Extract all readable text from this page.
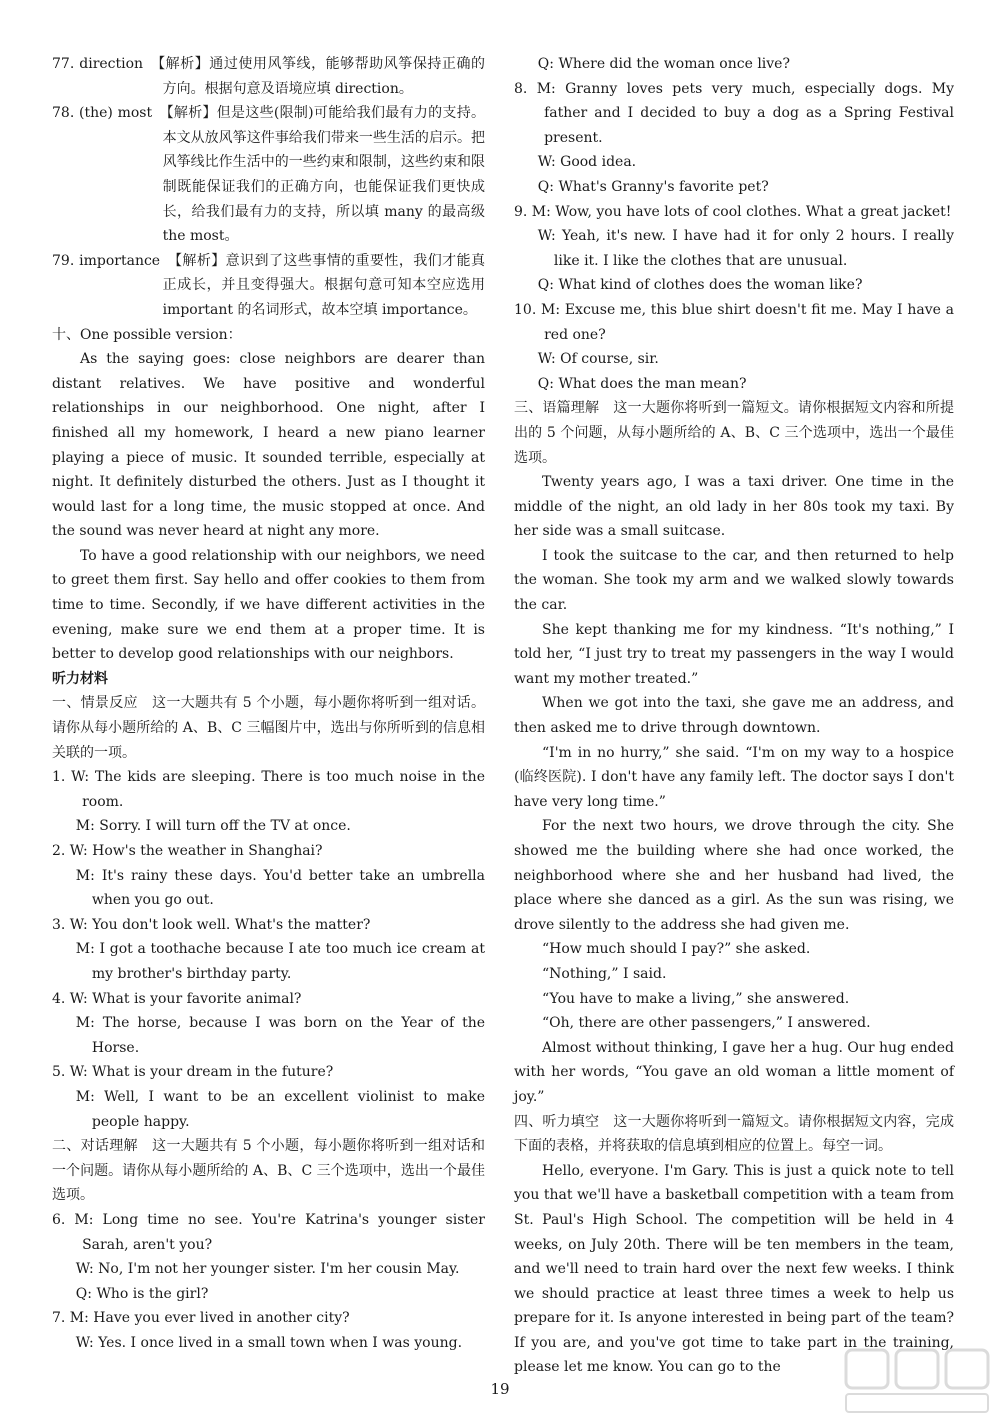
77. direction　【解析】通过使用风筝线，能够帮助风筝保持正确的方向。根据句意及语境应填 direction。

78. (the) most　【解析】但是这些(限制)可能给我们最有力的支持。本文从放风筝这件事给我们带来一些生活的启示。把风筝线比作生活中的一些约束和限制，这些约束和限制既能保证我们的正确方向，也能保证我们更快成长，给我们最有力的支持，所以填 many 的最高级 the most。

79. importance　【解析】意识到了这些事情的重要性，我们才能真正成长，并且变得强大。根据句意可知本空应选用 important 的名词形式，故本空填 importance。

十、One possible version：

As the saying goes: close neighbors are dearer than distant relatives. We have positive and wonderful relationships in our neighborhood. One night, after I finished all my homework, I heard a new piano learner playing a piece of music. It sounded terrible, especially at night. It definitely disturbed the others. Just as I thought it would last for a long time, the music stopped at once. And the sound was never heard at night any more.

To have a good relationship with our neighbors, we need to greet them first. Say hello and offer cookies to them from time to time. Secondly, if we have different activities in the evening, make sure we end them at a proper time. It is better to develop good relationships with our neighbors.

听力材料

一、情景反应　这一大题共有 5 个小题，每小题你将听到一组对话。请你从每小题所给的 A、B、C 三幅图片中，选出与你所听到的信息相关联的一项。

1. W: The kids are sleeping. There is too much noise in the room.

M: Sorry. I will turn off the TV at once.

2. W: How's the weather in Shanghai?

M: It's rainy these days. You'd better take an umbrella when you go out.

3. W: You don't look well. What's the matter?

M: I got a toothache because I ate too much ice cream at my brother's birthday party.

4. W: What is your favorite animal?

M: The horse, because I was born on the Year of the Horse.

5. W: What is your dream in the future?

M: Well, I want to be an excellent violinist to make people happy.

二、对话理解　这一大题共有 5 个小题，每小题你将听到一组对话和一个问题。请你从每小题所给的 A、B、C 三个选项中，选出一个最佳选项。

6. M: Long time no see. You're Katrina's younger sister Sarah, aren't you?

W: No, I'm not her younger sister. I'm her cousin May.

Q: Who is the girl?

7. M: Have you ever lived in another city?

W: Yes. I once lived in a small town when I was young.

Q: Where did the woman once live?

8. M: Granny loves pets very much, especially dogs. My father and I decided to buy a dog as a Spring Festival present.

W: Good idea.

Q: What's Granny's favorite pet?

9. M: Wow, you have lots of cool clothes. What a great jacket!

W: Yeah, it's new. I have had it for only 2 hours. I really like it. I like the clothes that are unusual.

Q: What kind of clothes does the woman like?

10. M: Excuse me, this blue shirt doesn't fit me. May I have a red one?

W: Of course, sir.

Q: What does the man mean?

三、语篇理解　这一大题你将听到一篇短文。请你根据短文内容和所提出的 5 个问题，从每小题所给的 A、B、C 三个选项中，选出一个最佳选项。

Twenty years ago, I was a taxi driver. One time in the middle of the night, an old lady in her 80s took my taxi. By her side was a small suitcase.

I took the suitcase to the car, and then returned to help the woman. She took my arm and we walked slowly towards the car.

She kept thanking me for my kindness. “It's nothing,” I told her, “I just try to treat my passengers in the way I would want my mother treated.”

When we got into the taxi, she gave me an address, and then asked me to drive through downtown.

“I'm in no hurry,” she said. “I'm on my way to a hospice (临终医院). I don't have any family left. The doctor says I don't have very long time.”

For the next two hours, we drove through the city. She showed me the building where she had once worked, the neighborhood where she and her husband had lived, the place where she danced as a girl. As the sun was rising, we drove silently to the address she had given me.

“How much should I pay?” she asked.

“Nothing,” I said.

“You have to make a living,” she answered.

“Oh, there are other passengers,” I answered.

Almost without thinking, I gave her a hug. Our hug ended with her words, “You gave an old woman a little moment of joy.”

四、听力填空　这一大题你将听到一篇短文。请你根据短文内容，完成下面的表格，并将获取的信息填到相应的位置上。每空一词。

Hello, everyone. I'm Gary. This is just a quick note to tell you that we'll have a basketball competition with a team from St. Paul's High School. The competition will be held in 4 weeks, on July 20th. There will be ten members in the team, and we'll need to train hard over the next few weeks. I think we should practice at least three times a week to help us prepare for it. Is anyone interested in being part of the team? If you are, and you've got time to take part in the training, please let me know. You can go to the

19
